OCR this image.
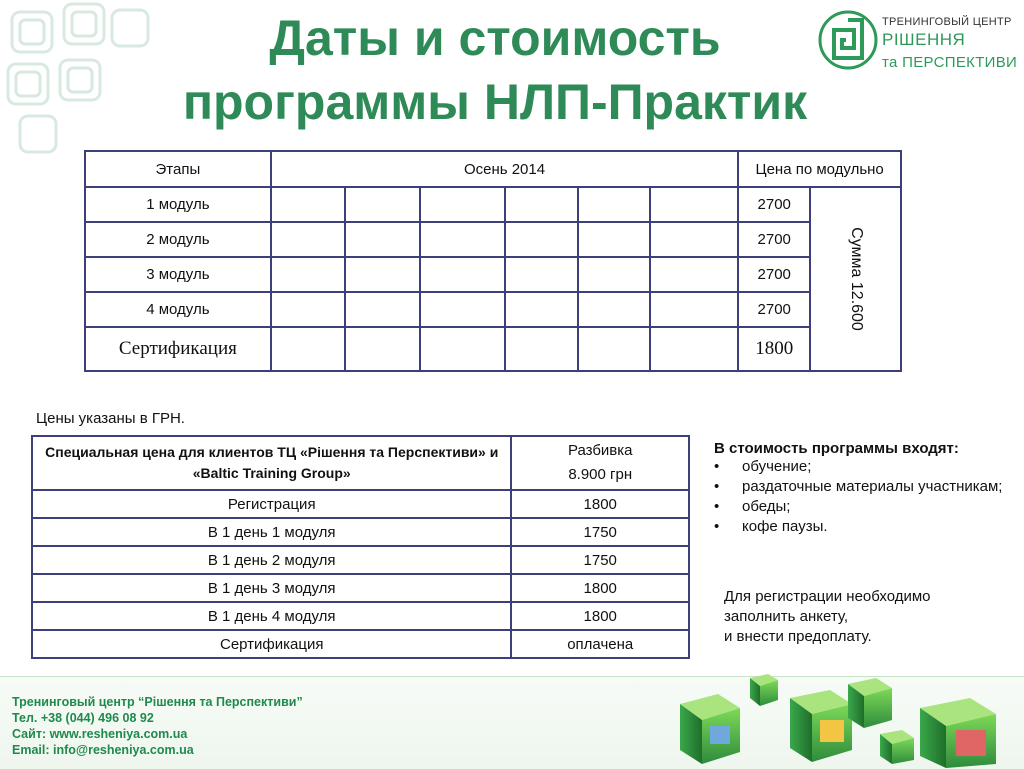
ТРЕНИНГОВЫЙ ЦЕНТР
РІШЕННЯ
та ПЕРСПЕКТИВИ
Даты и стоимость
программы НЛП-Практик
Этапы	Осень 2014						Цена по модульно	
1 модуль							2700	Сумма 12.600

2 модуль							2700	
3 модуль							2700	
4 модуль							2700	
Сертификация							1800	
Цены указаны в ГРН.
Специальная цена для клиентов ТЦ «Рішення та Перспективи» и «Baltic Training Group»	Разбивка
8.900 грн

Регистрация	1800
В 1 день 1 модуля	1750
В 1 день 2 модуля	1750
В 1 день 3 модуля	1800
В 1 день 4 модуля	1800
Сертификация	оплачена
В стоимость программы входят:
• обучение;
• раздаточные материалы участникам;
• обеды;
• кофе паузы.
Для регистрации необходимо
заполнить анкету,
и внести предоплату.
Тренинговый центр “Рішення та Перспективи”
Тел. +38 (044) 496 08 92
Сайт: www.resheniya.com.ua
Email: info@resheniya.com.ua
